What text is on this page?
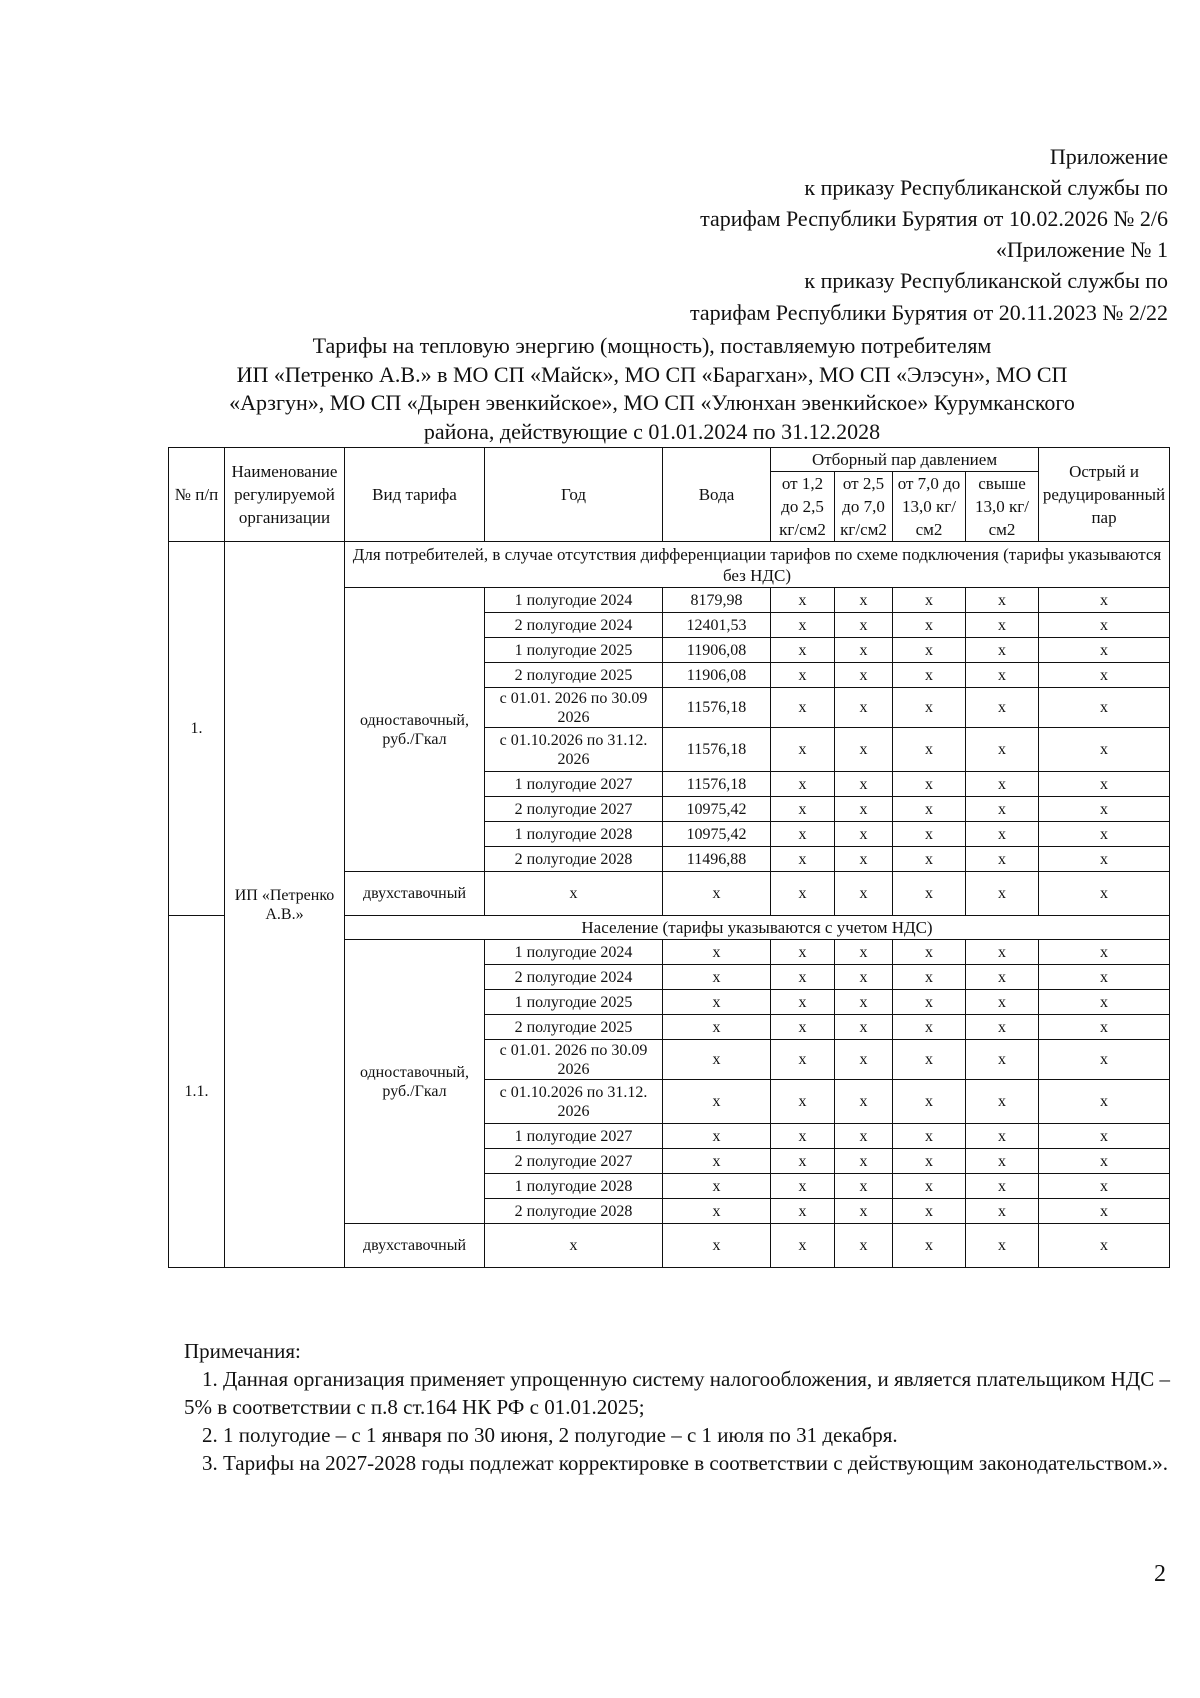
Приложение
к приказу Республиканской службы по
тарифам Республики Бурятия от 10.02.2026 № 2/6
«Приложение № 1
к приказу Республиканской службы по
тарифам Республики Бурятия от 20.11.2023 № 2/22
Тарифы на тепловую энергию (мощность), поставляемую потребителям
ИП «Петренко А.В.» в МО СП «Майск», МО СП «Барагхан», МО СП «Элэсун», МО СП
«Арзгун», МО СП «Дырен эвенкийское», МО СП «Улюнхан эвенкийское» Курумканского
района, действующие с 01.01.2024 по 31.12.2028
№ п/п	Наименование регулируемой организации	Вид тарифа	Год	Вода	Отборный пар давлением				Острый и редуцированный пар
					от 1,2 до 2,5 кг/см2	от 2,5 до 7,0 кг/см2	от 7,0 до 13,0 кг/см2	свыше 13,0 кг/см2	
1.	ИП «Петренко А.В.»	Для потребителей, в случае отсутствия дифференциации тарифов по схеме подключения (тарифы указываются без НДС)							
		одноставочный, руб./Гкал	1 полугодие 2024	8179,98	x	x	x	x	x
			2 полугодие 2024	12401,53	x	x	x	x	x
			1 полугодие 2025	11906,08	x	x	x	x	x
			2 полугодие 2025	11906,08	x	x	x	x	x
			с 01.01. 2026 по 30.09 2026	11576,18	x	x	x	x	x
			с 01.10.2026 по 31.12. 2026	11576,18	x	x	x	x	x
			1 полугодие 2027	11576,18	x	x	x	x	x
			2 полугодие 2027	10975,42	x	x	x	x	x
			1 полугодие 2028	10975,42	x	x	x	x	x
			2 полугодие 2028	11496,88	x	x	x	x	x
		двухставочный	x	x	x	x	x	x	x
1.1.		Население (тарифы указываются с учетом НДС)							
		одноставочный, руб./Гкал	1 полугодие 2024	x	x	x	x	x	x
			2 полугодие 2024	x	x	x	x	x	x
			1 полугодие 2025	x	x	x	x	x	x
			2 полугодие 2025	x	x	x	x	x	x
			с 01.01. 2026 по 30.09 2026	x	x	x	x	x	x
			с 01.10.2026 по 31.12. 2026	x	x	x	x	x	x
			1 полугодие 2027	x	x	x	x	x	x
			2 полугодие 2027	x	x	x	x	x	x
			1 полугодие 2028	x	x	x	x	x	x
			2 полугодие 2028	x	x	x	x	x	x
		двухставочный	x	x	x	x	x	x	x

Примечания:

1. Данная организация применяет упрощенную систему налогообложения, и является плательщиком НДС – 5% в соответствии с п.8 ст.164 НК РФ с 01.01.2025;

2. 1 полугодие – с 1 января по 30 июня, 2 полугодие – с 1 июля по 31 декабря.

3. Тарифы на 2027-2028 годы подлежат корректировке в соответствии с действующим законодательством.».

2
